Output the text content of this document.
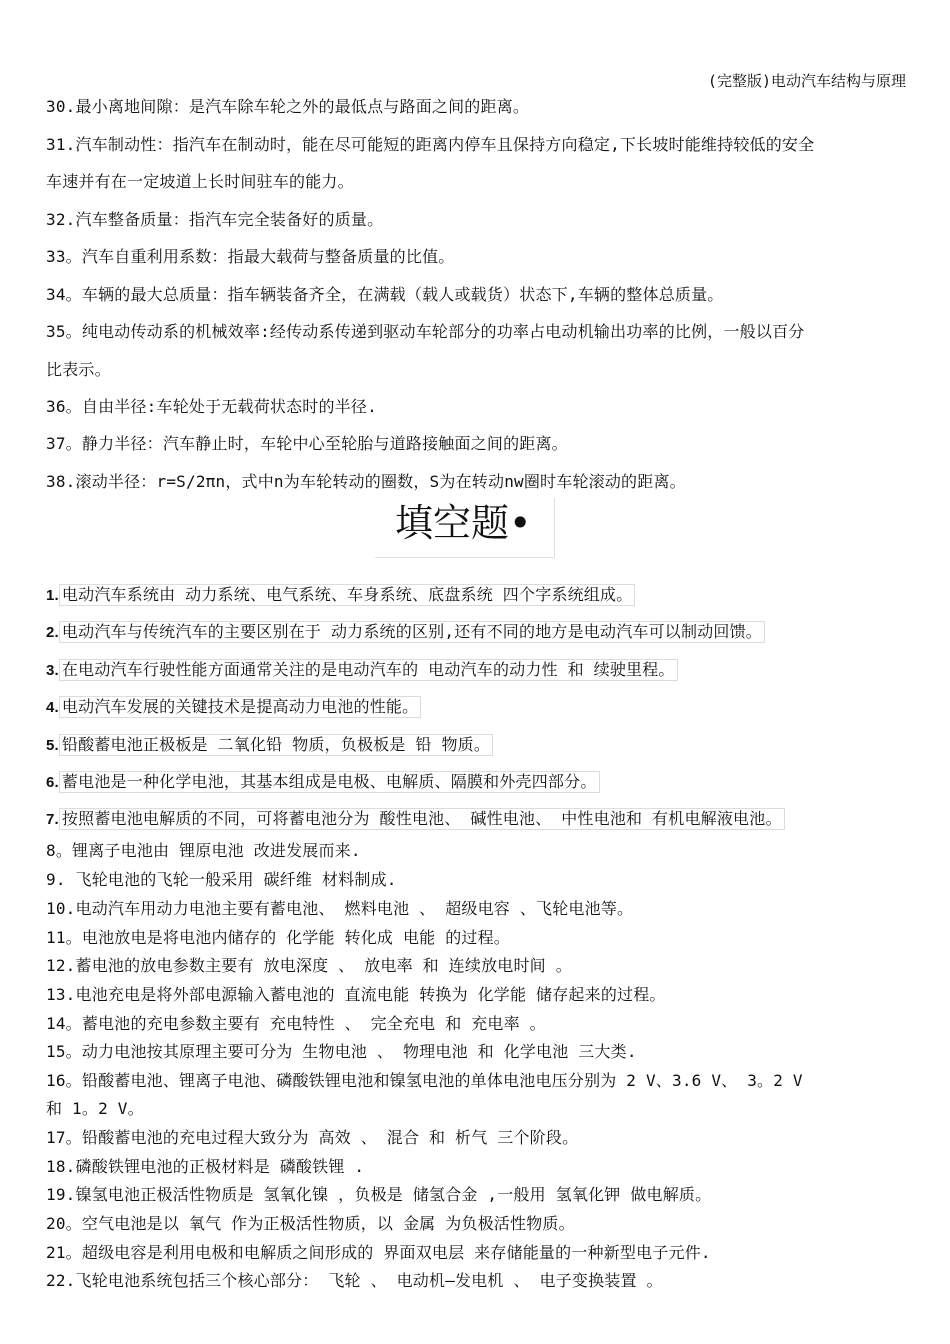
(完整版)电动汽车结构与原理
30.最小离地间隙：是汽车除车轮之外的最低点与路面之间的距离。
31.汽车制动性：指汽车在制动时，能在尽可能短的距离内停车且保持方向稳定,下长坡时能维持较低的安全
车速并有在一定坡道上长时间驻车的能力。
32.汽车整备质量：指汽车完全装备好的质量。
33。汽车自重利用系数：指最大载荷与整备质量的比值。
34。车辆的最大总质量：指车辆装备齐全，在满载（载人或载货）状态下,车辆的整体总质量。
35。纯电动传动系的机械效率:经传动系传递到驱动车轮部分的功率占电动机输出功率的比例，一般以百分
比表示。
36。自由半径:车轮处于无载荷状态时的半径.
37。静力半径：汽车静止时，车轮中心至轮胎与道路接触面之间的距离。
38.滚动半径：r=S/2πn，式中n为车轮转动的圈数，S为在转动nw圈时车轮滚动的距离。
填空题•
1. 电动汽车系统由 动力系统、电气系统、车身系统、底盘系统 四个字系统组成。
2. 电动汽车与传统汽车的主要区别在于 动力系统的区别,还有不同的地方是电动汽车可以制动回馈。
3. 在电动汽车行驶性能方面通常关注的是电动汽车的 电动汽车的动力性 和 续驶里程。
4. 电动汽车发展的关键技术是提高动力电池的性能。
5. 铅酸蓄电池正极板是 二氧化铅 物质，负极板是 铅 物质。
6. 蓄电池是一种化学电池，其基本组成是电极、电解质、隔膜和外壳四部分。
7. 按照蓄电池电解质的不同，可将蓄电池分为 酸性电池、 碱性电池、 中性电池和 有机电解液电池。
8。锂离子电池由 锂原电池 改进发展而来.
9. 飞轮电池的飞轮一般采用 碳纤维 材料制成.
10.电动汽车用动力电池主要有蓄电池、 燃料电池 、 超级电容 、飞轮电池等。
11。电池放电是将电池内储存的 化学能 转化成 电能 的过程。
12.蓄电池的放电参数主要有 放电深度 、 放电率 和 连续放电时间 。
13.电池充电是将外部电源输入蓄电池的 直流电能 转换为 化学能 储存起来的过程。
14。蓄电池的充电参数主要有 充电特性 、 完全充电 和 充电率 。
15。动力电池按其原理主要可分为 生物电池 、 物理电池 和 化学电池 三大类.
16。铅酸蓄电池、锂离子电池、磷酸铁锂电池和镍氢电池的单体电池电压分别为 2 V、3.6 V、 3。2 V
和 1。2 V。
17。铅酸蓄电池的充电过程大致分为 高效 、 混合 和 析气 三个阶段。
18.磷酸铁锂电池的正极材料是 磷酸铁锂 .
19.镍氢电池正极活性物质是 氢氧化镍 ，负极是 储氢合金 ,一般用 氢氧化钾 做电解质。
20。空气电池是以 氧气 作为正极活性物质，以 金属 为负极活性物质。
21。超级电容是利用电极和电解质之间形成的 界面双电层 来存储能量的一种新型电子元件.
22.飞轮电池系统包括三个核心部分： 飞轮 、 电动机—发电机 、 电子变换装置 。
